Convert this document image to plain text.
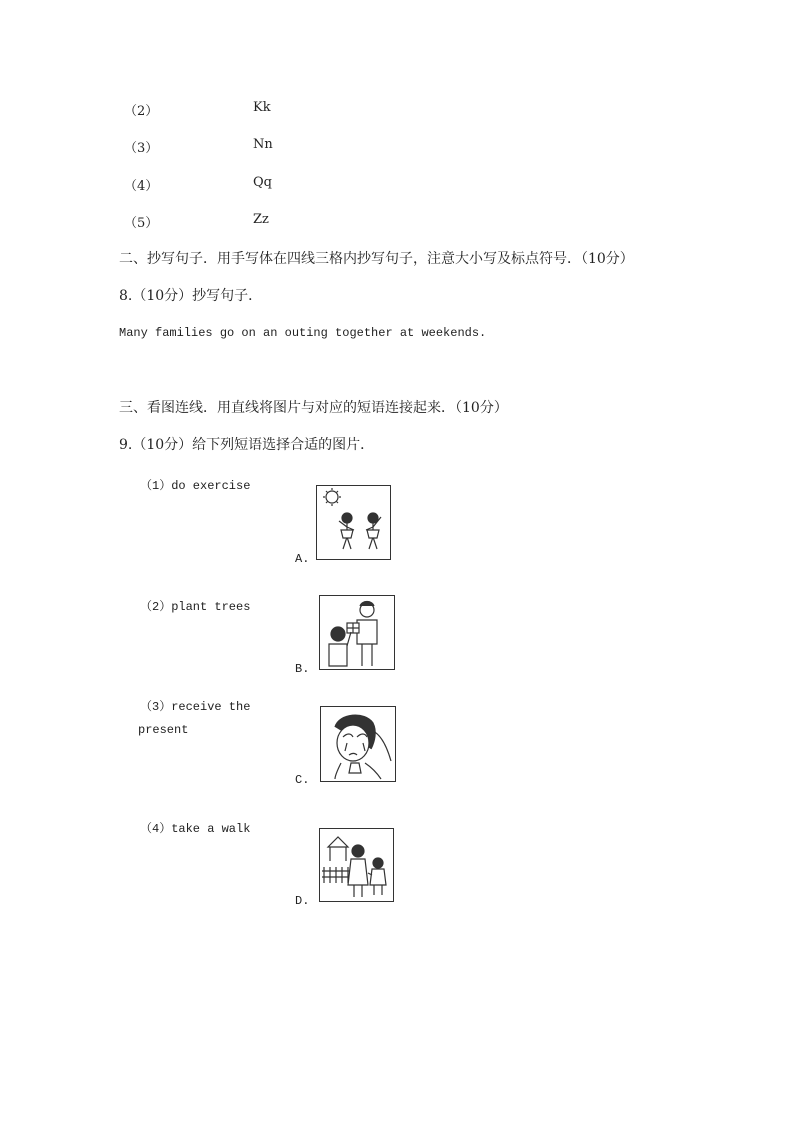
（2）	Kk
（3）	Nn
（4）	Qq
（5）	Zz
二、抄写句子．用手写体在四线三格内抄写句子，注意大小写及标点符号．（10分）
8.（10分）抄写句子．
Many families go on an outing together at weekends.
三、看图连线．用直线将图片与对应的短语连接起来．（10分）
9.（10分）给下列短语选择合适的图片．
（1）do exercise
（2）plant trees
（3）receive the
present
（4）take a walk
A.
B.
C.
D.
